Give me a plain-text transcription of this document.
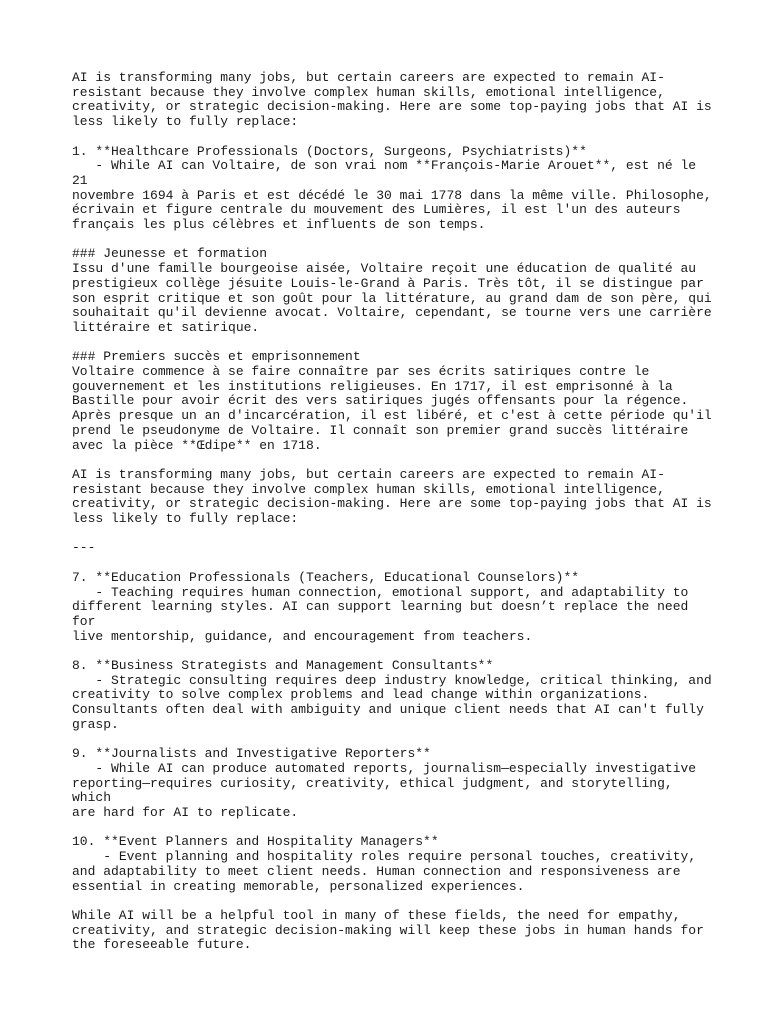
AI is transforming many jobs, but certain careers are expected to remain AI-
resistant because they involve complex human skills, emotional intelligence,
creativity, or strategic decision-making. Here are some top-paying jobs that AI is
less likely to fully replace:

1. **Healthcare Professionals (Doctors, Surgeons, Psychiatrists)**
- While AI can Voltaire, de son vrai nom **François-Marie Arouet**, est né le 21
novembre 1694 à Paris et est décédé le 30 mai 1778 dans la même ville. Philosophe,
écrivain et figure centrale du mouvement des Lumières, il est l'un des auteurs
français les plus célèbres et influents de son temps.

### Jeunesse et formation
Issu d'une famille bourgeoise aisée, Voltaire reçoit une éducation de qualité au
prestigieux collège jésuite Louis-le-Grand à Paris. Très tôt, il se distingue par
son esprit critique et son goût pour la littérature, au grand dam de son père, qui
souhaitait qu'il devienne avocat. Voltaire, cependant, se tourne vers une carrière
littéraire et satirique.

### Premiers succès et emprisonnement
Voltaire commence à se faire connaître par ses écrits satiriques contre le
gouvernement et les institutions religieuses. En 1717, il est emprisonné à la
Bastille pour avoir écrit des vers satiriques jugés offensants pour la régence.
Après presque un an d'incarcération, il est libéré, et c'est à cette période qu'il
prend le pseudonyme de Voltaire. Il connaît son premier grand succès littéraire
avec la pièce **Œdipe** en 1718.

AI is transforming many jobs, but certain careers are expected to remain AI-
resistant because they involve complex human skills, emotional intelligence,
creativity, or strategic decision-making. Here are some top-paying jobs that AI is
less likely to fully replace:

---

7. **Education Professionals (Teachers, Educational Counselors)**
- Teaching requires human connection, emotional support, and adaptability to
different learning styles. AI can support learning but doesn’t replace the need for
live mentorship, guidance, and encouragement from teachers.

8. **Business Strategists and Management Consultants**
- Strategic consulting requires deep industry knowledge, critical thinking, and
creativity to solve complex problems and lead change within organizations.
Consultants often deal with ambiguity and unique client needs that AI can't fully
grasp.

9. **Journalists and Investigative Reporters**
- While AI can produce automated reports, journalism—especially investigative
reporting—requires curiosity, creativity, ethical judgment, and storytelling, which
are hard for AI to replicate.

10. **Event Planners and Hospitality Managers**
- Event planning and hospitality roles require personal touches, creativity,
and adaptability to meet client needs. Human connection and responsiveness are
essential in creating memorable, personalized experiences.

While AI will be a helpful tool in many of these fields, the need for empathy,
creativity, and strategic decision-making will keep these jobs in human hands for
the foreseeable future.
